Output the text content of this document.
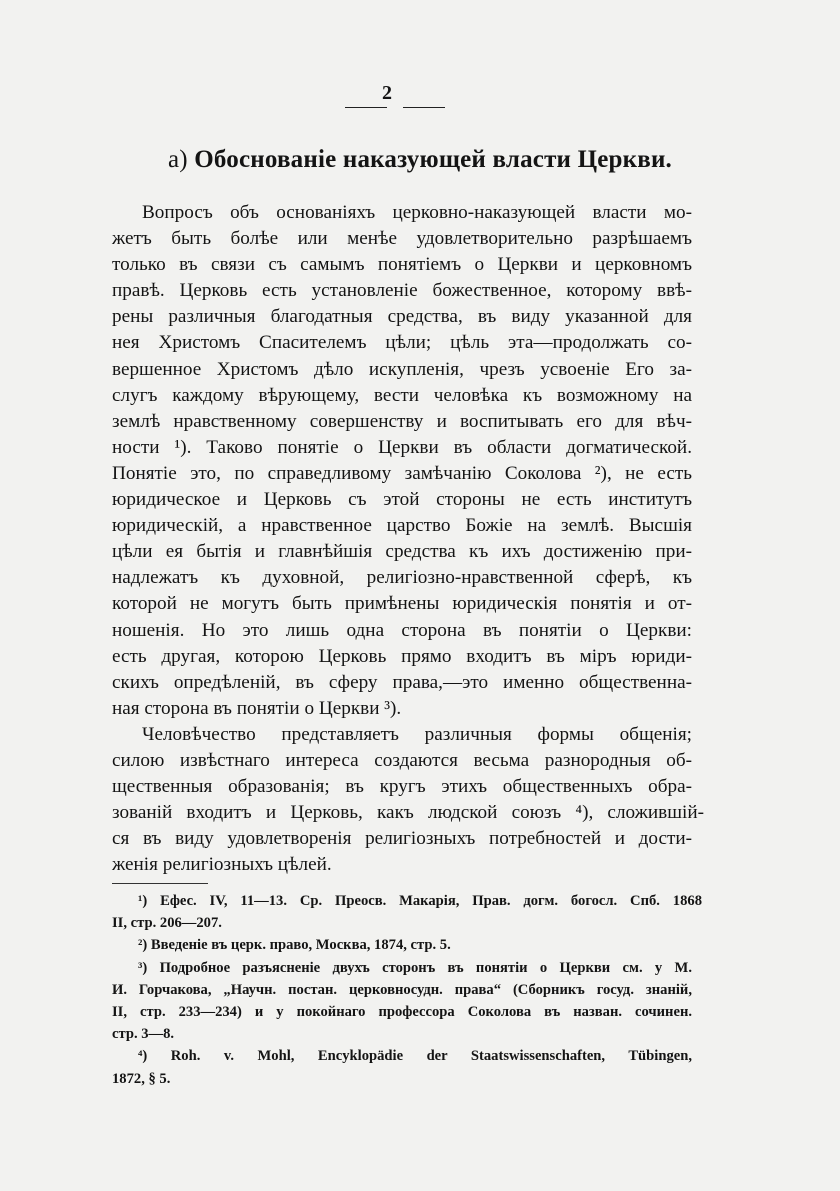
2
а) Обоснованіе наказующей власти Церкви.

Вопросъ объ основаніяхъ церковно-наказующей власти мо-

жетъ быть болѣе или менѣе удовлетворительно разрѣшаемъ

только въ связи съ самымъ понятіемъ о Церкви и церковномъ

правѣ. Церковь есть установленіе божественное, которому ввѣ-

рены различныя благодатныя средства, въ виду указанной для

нея Христомъ Спасителемъ цѣли; цѣль эта—продолжать со-

вершенное Христомъ дѣло искупленія, чрезъ усвоеніе Его за-

слугъ каждому вѣрующему, вести человѣка къ возможному на

землѣ нравственному совершенству и воспитывать его для вѣч-

ности ¹). Таково понятіе о Церкви въ области догматической.

Понятіе это, по справедливому замѣчанію Соколова ²), не есть

юридическое и Церковь съ этой стороны не есть институтъ

юридическій, а нравственное царство Божіе на землѣ. Высшія

цѣли ея бытія и главнѣйшія средства къ ихъ достиженію при-

надлежатъ къ духовной, религіозно-нравственной сферѣ, къ

которой не могутъ быть примѣнены юридическія понятія и от-

ношенія. Но это лишь одна сторона въ понятіи о Церкви:

есть другая, которою Церковь прямо входитъ въ міръ юриди-

скихъ опредѣленій, въ сферу права,—это именно общественна-

ная сторона въ понятіи о Церкви ³).

Человѣчество представляетъ различныя формы общенія;

силою извѣстнаго интереса создаются весьма разнородныя об-

щественныя образованія; въ кругъ этихъ общественныхъ обра-

зованій входитъ и Церковь, какъ людской союзъ ⁴), сложившій-

ся въ виду удовлетворенія религіозныхъ потребностей и дости-

женія религіозныхъ цѣлей.

¹) Ефес. IV, 11—13. Ср. Преосв. Макарія, Прав. догм. богосл. Спб. 1868

II, стр. 206—207.

²) Введеніе въ церк. право, Москва, 1874, стр. 5.

³) Подробное разъясненіе двухъ сторонъ въ понятіи о Церкви см. у М.

И. Горчакова, „Научн. постан. церковносудн. права“ (Сборникъ госуд. знаній,

II, стр. 233—234) и у покойнаго профессора Соколова въ назван. сочинен.

стр. 3—8.

⁴) Roh. v. Mohl, Encyklopädie der Staatswissenschaften, Tübingen,

1872, § 5.
